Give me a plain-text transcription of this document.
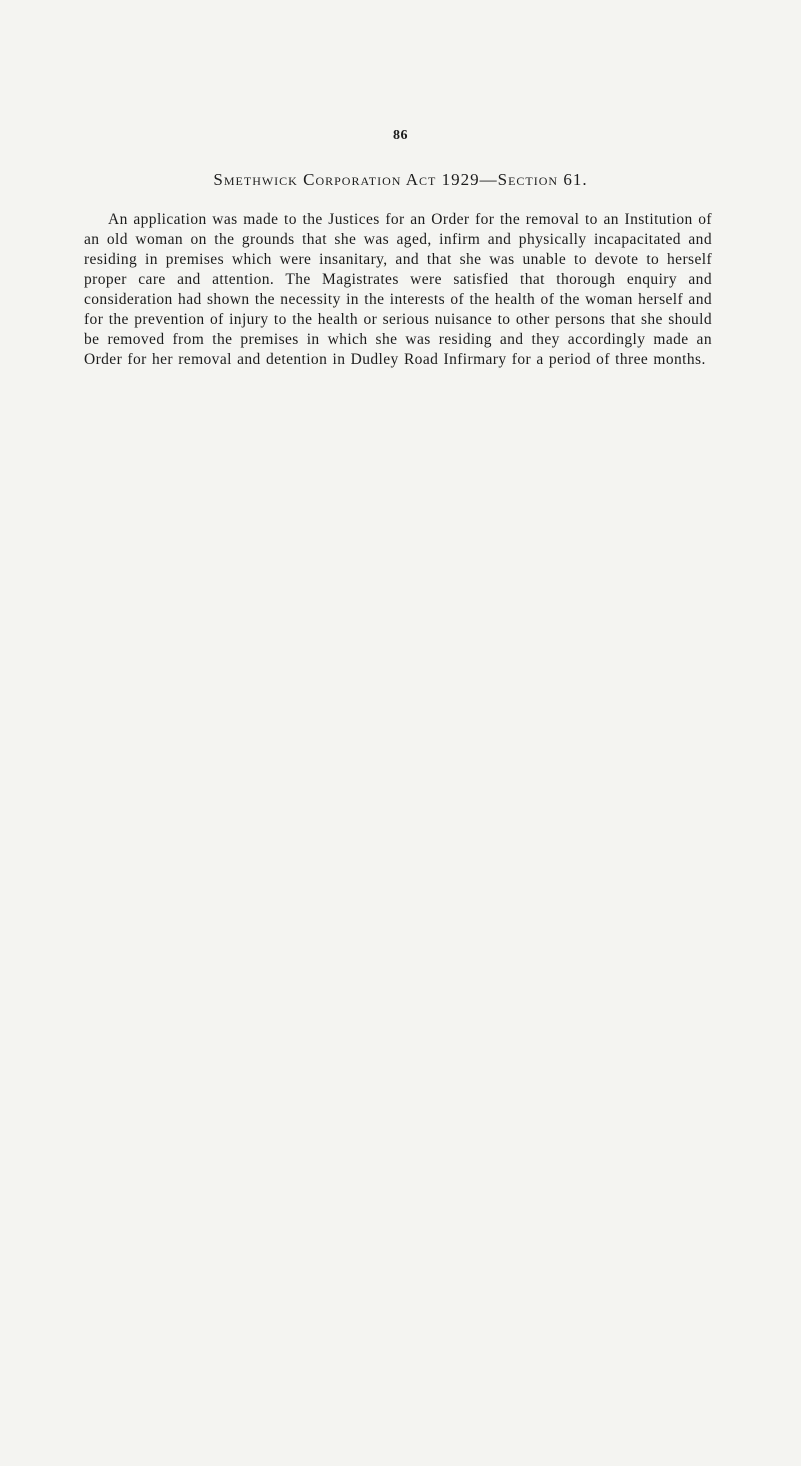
86
Smethwick Corporation Act 1929—Section 61.

An application was made to the Justices for an Order for the removal to an Institution of an old woman on the grounds that she was aged, infirm and physically incapacitated and residing in premises which were insanitary, and that she was unable to devote to herself proper care and attention. The Magistrates were satisfied that thorough enquiry and consideration had shown the necessity in the interests of the health of the woman herself and for the prevention of injury to the health or serious nuisance to other persons that she should be removed from the premises in which she was residing and they accordingly made an Order for her removal and detention in Dudley Road Infirmary for a period of three months.
